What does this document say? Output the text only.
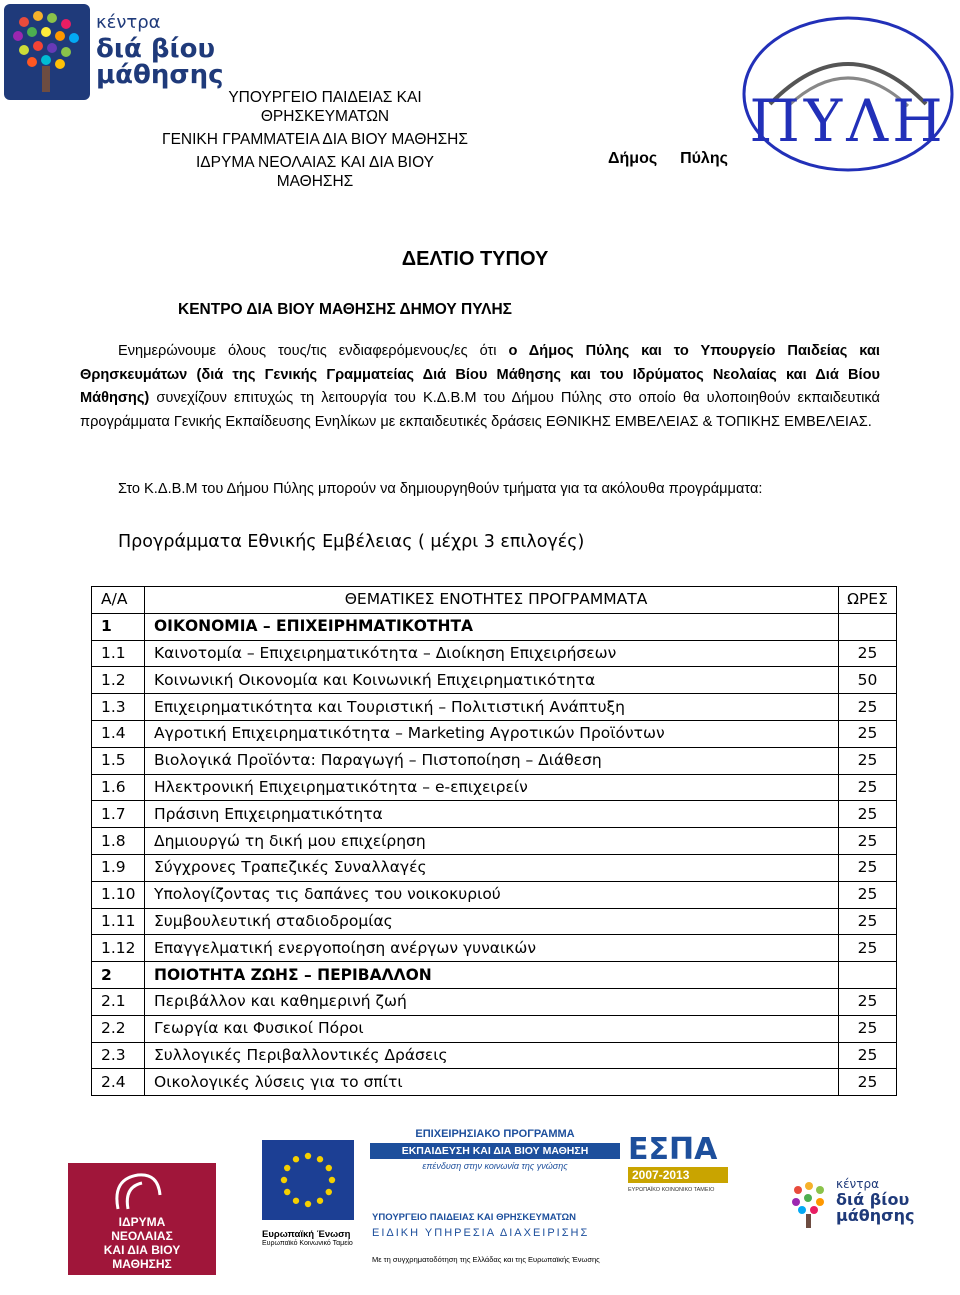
κέντρα
διά βίου
μάθησης
ΥΠΟΥΡΓΕΙΟ ΠΑΙΔΕΙΑΣ ΚΑΙ
ΘΡΗΣΚΕΥΜΑΤΩΝ
ΓΕΝΙΚΗ ΓΡΑΜΜΑΤΕΙΑ ΔΙΑ ΒΙΟΥ ΜΑΘΗΣΗΣ
ΙΔΡΥΜΑ ΝΕΟΛΑΙΑΣ ΚΑΙ ΔΙΑ ΒΙΟΥ
ΜΑΘΗΣΗΣ
Δήμος Πύλης
ΠΥΛΗ
ΔΕΛΤΙΟ ΤΥΠΟΥ
ΚΕΝΤΡΟ ΔΙΑ ΒΙΟΥ ΜΑΘΗΣΗΣ ΔΗΜΟΥ ΠΥΛΗΣ
Ενημερώνουμε όλους τους/τις ενδιαφερόμενους/ες ότι ο Δήμος Πύλης και το Υπουργείο Παιδείας και Θρησκευμάτων (διά της Γενικής Γραμματείας Διά Βίου Μάθησης και του Ιδρύματος Νεολαίας και Διά Βίου Μάθησης) συνεχίζουν επιτυχώς τη λειτουργία του Κ.Δ.Β.Μ του Δήμου Πύλης στο οποίο θα υλοποιηθούν εκπαιδευτικά προγράμματα Γενικής Εκπαίδευσης Ενηλίκων με εκπαιδευτικές δράσεις ΕΘΝΙΚΗΣ ΕΜΒΕΛΕΙΑΣ & ΤΟΠΙΚΗΣ ΕΜΒΕΛΕΙΑΣ.
Στο Κ.Δ.Β.Μ του Δήμου Πύλης μπορούν να δημιουργηθούν τμήματα για τα ακόλουθα προγράμματα:
Προγράμματα Εθνικής Εμβέλειας ( μέχρι 3 επιλογές)
Α/Α	ΘΕΜΑΤΙΚΕΣ ΕΝΟΤΗΤΕΣ ΠΡΟΓΡΑΜΜΑΤΑ	ΩΡΕΣ
1	ΟΙΚΟΝΟΜΙΑ – ΕΠΙΧΕΙΡΗΜΑΤΙΚΟΤΗΤΑ	
1.1	Καινοτομία – Επιχειρηματικότητα – Διοίκηση Επιχειρήσεων	25
1.2	Κοινωνική Οικονομία και Κοινωνική Επιχειρηματικότητα	50
1.3	Επιχειρηματικότητα και Τουριστική – Πολιτιστική Ανάπτυξη	25
1.4	Αγροτική Επιχειρηματικότητα – Marketing Αγροτικών Προϊόντων	25
1.5	Βιολογικά Προϊόντα: Παραγωγή – Πιστοποίηση – Διάθεση	25
1.6	Ηλεκτρονική Επιχειρηματικότητα – e-επιχειρείν	25
1.7	Πράσινη Επιχειρηματικότητα	25
1.8	Δημιουργώ τη δική μου επιχείρηση	25
1.9	Σύγχρονες Τραπεζικές Συναλλαγές	25
1.10	Υπολογίζοντας τις δαπάνες του νοικοκυριού	25
1.11	Συμβουλευτική σταδιοδρομίας	25
1.12	Επαγγελματική ενεργοποίηση ανέργων γυναικών	25
2	ΠΟΙΟΤΗΤΑ ΖΩΗΣ – ΠΕΡΙΒΑΛΛΟΝ	
2.1	Περιβάλλον και καθημερινή ζωή	25
2.2	Γεωργία και Φυσικοί Πόροι	25
2.3	Συλλογικές Περιβαλλοντικές Δράσεις	25
2.4	Οικολογικές λύσεις για το σπίτι	25
ΙΔΡΥΜΑ
ΝΕΟΛΑΙΑΣ
ΚΑΙ ΔΙΑ ΒΙΟΥ
ΜΑΘΗΣΗΣ
Ευρωπαϊκή Ένωση
Ευρωπαϊκό Κοινωνικό Ταμείο
ΕΠΙΧΕΙΡΗΣΙΑΚΟ ΠΡΟΓΡΑΜΜΑ
ΕΚΠΑΙΔΕΥΣΗ ΚΑΙ ΔΙΑ ΒΙΟΥ ΜΑΘΗΣΗ
επένδυση στην κοινωνία της γνώσης	ΕΣΠΑ
2007-2013
ΕΥΡΩΠΑΪΚΟ ΚΟΙΝΩΝΙΚΟ ΤΑΜΕΙΟ
ΥΠΟΥΡΓΕΙΟ ΠΑΙΔΕΙΑΣ ΚΑΙ ΘΡΗΣΚΕΥΜΑΤΩΝ
ΕΙΔΙΚΗ ΥΠΗΡΕΣΙΑ ΔΙΑΧΕΙΡΙΣΗΣ
Με τη συγχρηματοδότηση της Ελλάδας και της Ευρωπαϊκής Ένωσης
κέντρα
διά βίου
μάθησης
